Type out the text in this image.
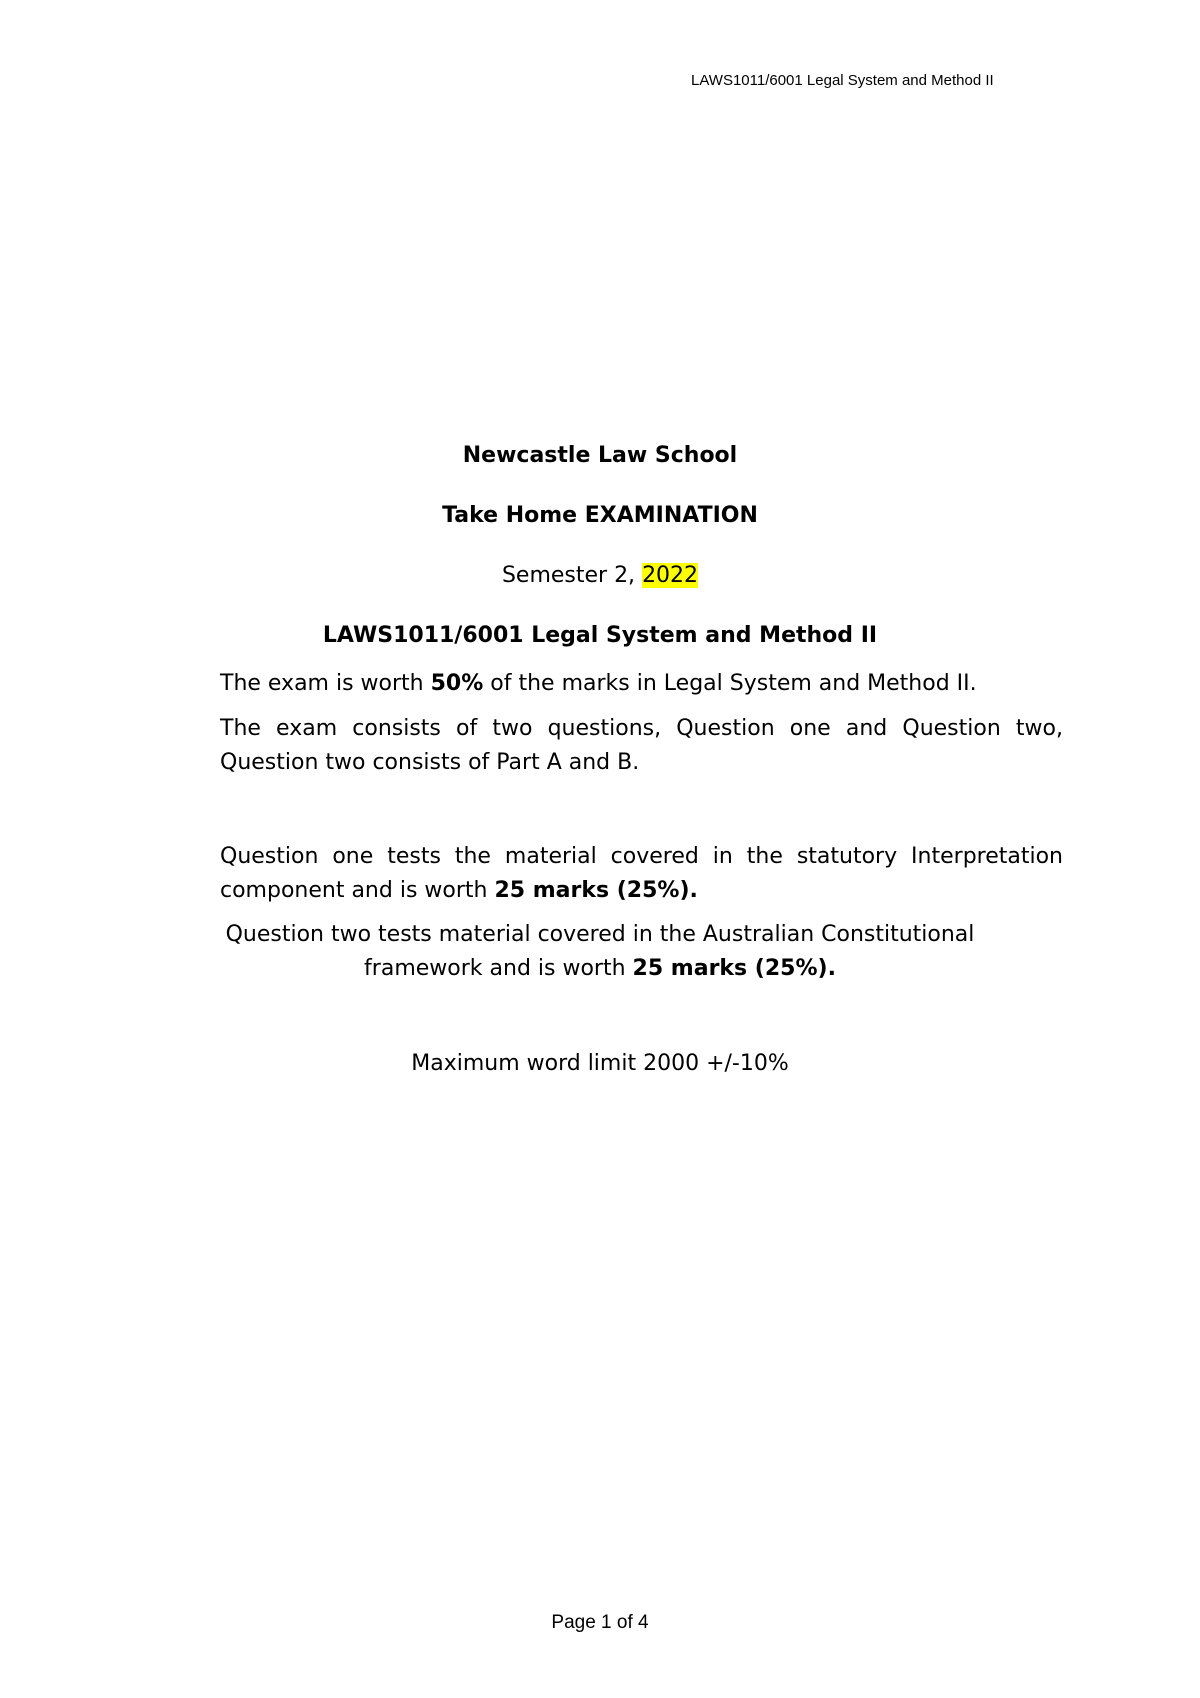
LAWS1011/6001 Legal System and Method II
Newcastle Law School
Take Home EXAMINATION
Semester 2, 2022
LAWS1011/6001 Legal System and Method II
The exam is worth 50% of the marks in Legal System and Method II.
The exam consists of two questions, Question one and Question two, Question two consists of Part A and B.
Question one tests the material covered in the statutory Interpretation component and is worth 25 marks (25%).
Question two tests material covered in the Australian Constitutional
framework and is worth 25 marks (25%).
Maximum word limit 2000 +/-10%
Page 1 of 4
